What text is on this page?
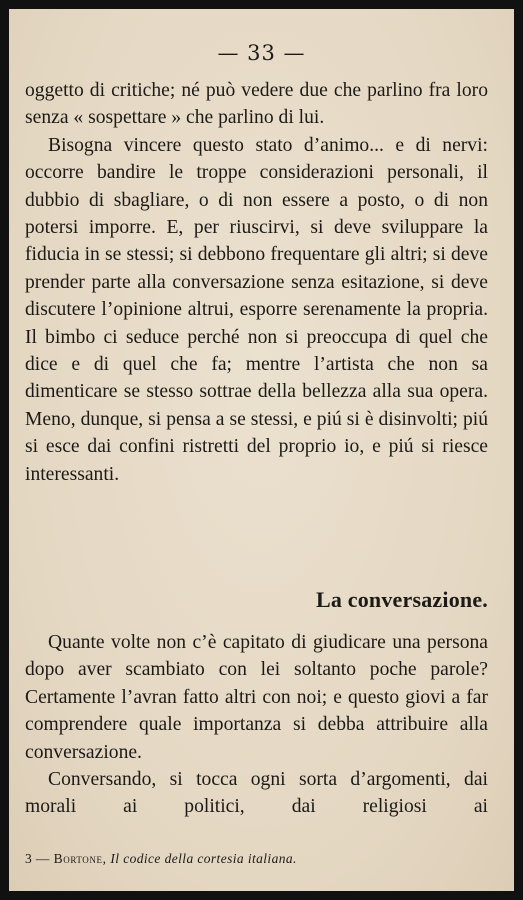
— 33 —

oggetto di critiche; né può vedere due che parlino fra loro senza « sospettare » che parlino di lui.

Bisogna vincere questo stato d’animo... e di nervi: occorre bandire le troppe considerazioni personali, il dubbio di sbagliare, o di non essere a posto, o di non potersi imporre. E, per riuscirvi, si deve sviluppare la fiducia in se stessi; si debbono frequentare gli altri; si deve prender parte alla conversazione senza esitazione, si deve discutere l’opinione altrui, esporre serenamente la propria. Il bimbo ci seduce perché non si preoccupa di quel che dice e di quel che fa; mentre l’artista che non sa dimenticare se stesso sottrae della bellezza alla sua opera. Meno, dunque, si pensa a se stessi, e piú si è disinvolti; piú si esce dai confini ristretti del proprio io, e piú si riesce interessanti.

La conversazione.

Quante volte non c’è capitato di giudicare una persona dopo aver scambiato con lei soltanto poche parole? Certamente l’avran fatto altri con noi; e questo giovi a far comprendere quale importanza si debba attribuire alla conversazione.

Conversando, si tocca ogni sorta d’argomenti, dai morali ai politici, dai religiosi ai

3 — Bortone, Il codice della cortesia italiana.
